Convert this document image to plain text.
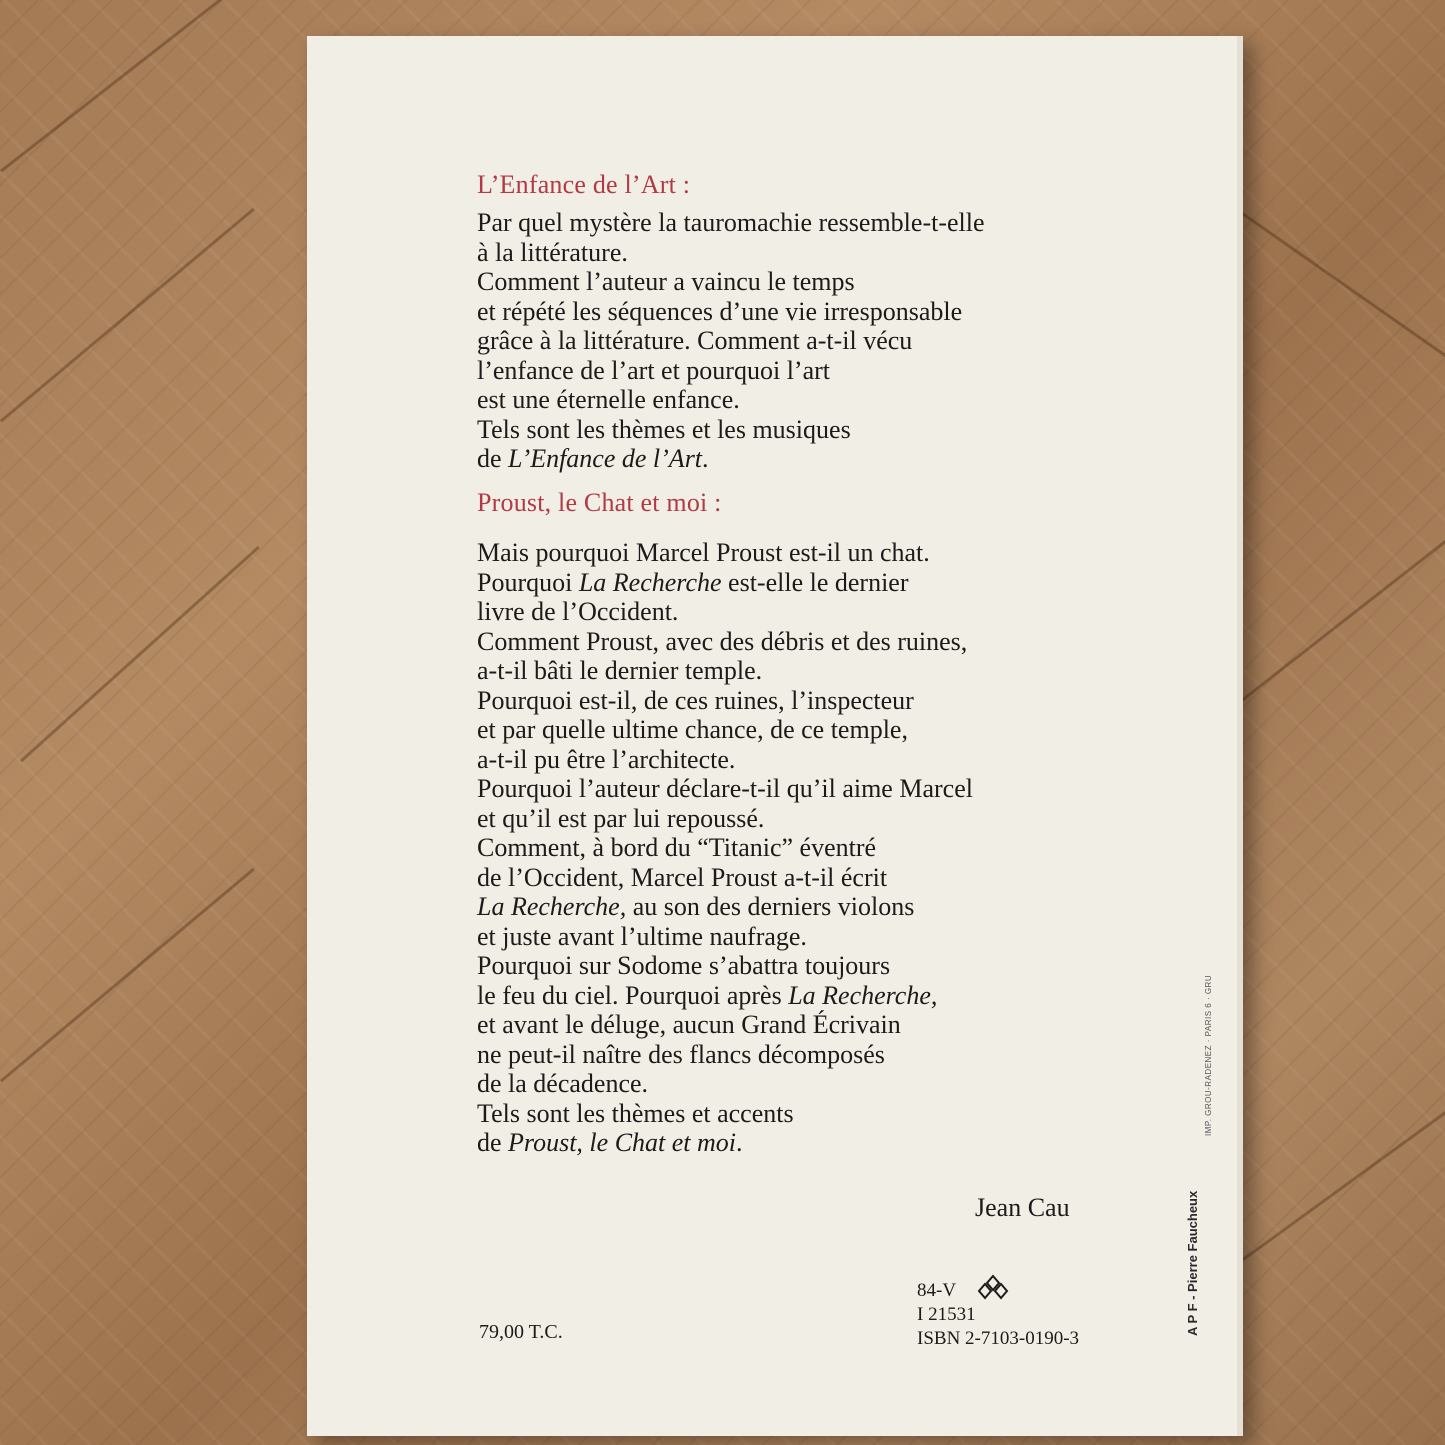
L’Enfance de l’Art :
Par quel mystère la tauromachie ressemble-t-elle
à la littérature.
Comment l’auteur a vaincu le temps
et répété les séquences d’une vie irresponsable
grâce à la littérature. Comment a-t-il vécu
l’enfance de l’art et pourquoi l’art
est une éternelle enfance.
Tels sont les thèmes et les musiques
de L’Enfance de l’Art.
Proust, le Chat et moi :
Mais pourquoi Marcel Proust est-il un chat.
Pourquoi La Recherche est-elle le dernier
livre de l’Occident.
Comment Proust, avec des débris et des ruines,
a-t-il bâti le dernier temple.
Pourquoi est-il, de ces ruines, l’inspecteur
et par quelle ultime chance, de ce temple,
a-t-il pu être l’architecte.
Pourquoi l’auteur déclare-t-il qu’il aime Marcel
et qu’il est par lui repoussé.
Comment, à bord du “Titanic” éventré
de l’Occident, Marcel Proust a-t-il écrit
La Recherche, au son des derniers violons
et juste avant l’ultime naufrage.
Pourquoi sur Sodome s’abattra toujours
le feu du ciel. Pourquoi après La Recherche,
et avant le déluge, aucun Grand Écrivain
ne peut-il naître des flancs décomposés
de la décadence.
Tels sont les thèmes et accents
de Proust, le Chat et moi.
Jean Cau
84-V
I 21531
ISBN 2-7103-0190-3
79,00 T.C.
IMP. GROU-RADENEZ · PARIS 6 · GRU
A P F - Pierre Faucheux
